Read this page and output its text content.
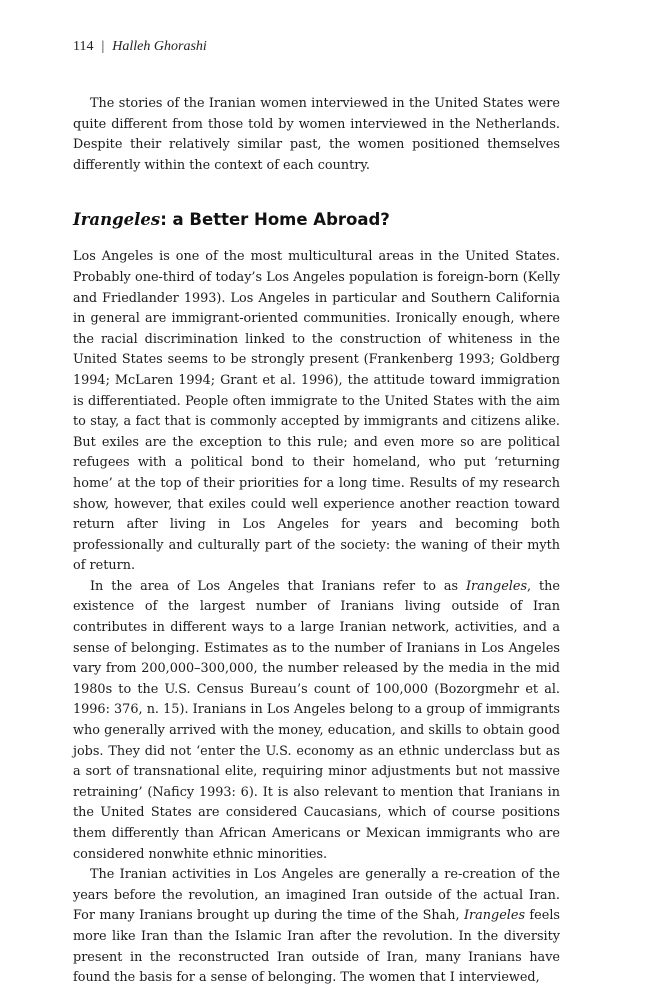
114 | Halleh Ghorashi

The stories of the Iranian women interviewed in the United States were quite different from those told by women interviewed in the Netherlands. Despite their relatively similar past, the women positioned themselves differently within the context of each country.

Irangeles: a Better Home Abroad?

Los Angeles is one of the most multicultural areas in the United States. Probably one-third of today’s Los Angeles population is foreign-born (Kelly and Friedlander 1993). Los Angeles in particular and Southern California in general are immigrant-oriented communities. Ironically enough, where the racial discrimination linked to the construction of whiteness in the United States seems to be strongly present (Frankenberg 1993; Goldberg 1994; McLaren 1994; Grant et al. 1996), the attitude toward immigration is differentiated. People often immigrate to the United States with the aim to stay, a fact that is commonly accepted by immigrants and citizens alike. But exiles are the exception to this rule; and even more so are political refugees with a political bond to their homeland, who put ‘returning home’ at the top of their priorities for a long time. Results of my research show, however, that exiles could well experience another reaction toward return after living in Los Angeles for years and becoming both professionally and culturally part of the society: the waning of their myth of return.

In the area of Los Angeles that Iranians refer to as Irangeles, the existence of the largest number of Iranians living outside of Iran contributes in different ways to a large Iranian network, activities, and a sense of belonging. Estimates as to the number of Iranians in Los Angeles vary from 200,000–300,000, the number released by the media in the mid 1980s to the U.S. Census Bureau’s count of 100,000 (Bozorgmehr et al. 1996: 376, n. 15). Iranians in Los Angeles belong to a group of immigrants who generally arrived with the money, education, and skills to obtain good jobs. They did not ‘enter the U.S. economy as an ethnic underclass but as a sort of transnational elite, requiring minor adjustments but not massive retraining’ (Naficy 1993: 6). It is also relevant to mention that Iranians in the United States are considered Caucasians, which of course positions them differently than African Americans or Mexican immigrants who are considered nonwhite ethnic minorities.

The Iranian activities in Los Angeles are generally a re-creation of the years before the revolution, an imagined Iran outside of the actual Iran. For many Iranians brought up during the time of the Shah, Irangeles feels more like Iran than the Islamic Iran after the revolution. In the diversity present in the reconstructed Iran outside of Iran, many Iranians have found the basis for a sense of belonging. The women that I interviewed,
